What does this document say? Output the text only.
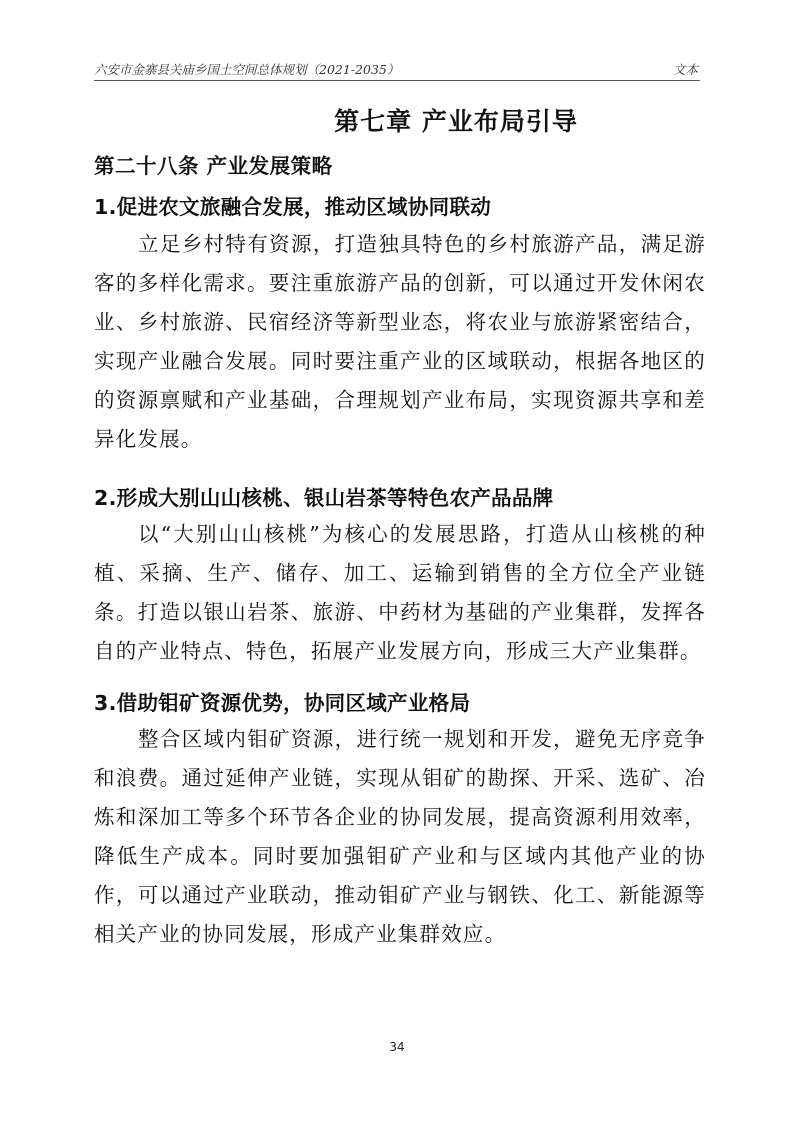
六安市金寨县关庙乡国土空间总体规划（2021-2035）	文本
第七章 产业布局引导
第二十八条 产业发展策略
1.促进农文旅融合发展，推动区域协同联动
立足乡村特有资源，打造独具特色的乡村旅游产品，满足游客的多样化需求。要注重旅游产品的创新，可以通过开发休闲农业、乡村旅游、民宿经济等新型业态，将农业与旅游紧密结合，实现产业融合发展。同时要注重产业的区域联动，根据各地区的的资源禀赋和产业基础，合理规划产业布局，实现资源共享和差异化发展。
2.形成大别山山核桃、银山岩茶等特色农产品品牌
以“大别山山核桃”为核心的发展思路，打造从山核桃的种植、采摘、生产、储存、加工、运输到销售的全方位全产业链条。打造以银山岩茶、旅游、中药材为基础的产业集群，发挥各自的产业特点、特色，拓展产业发展方向，形成三大产业集群。
3.借助钼矿资源优势，协同区域产业格局
整合区域内钼矿资源，进行统一规划和开发，避免无序竞争和浪费。通过延伸产业链，实现从钼矿的勘探、开采、选矿、冶炼和深加工等多个环节各企业的协同发展，提高资源利用效率，降低生产成本。同时要加强钼矿产业和与区域内其他产业的协作，可以通过产业联动，推动钼矿产业与钢铁、化工、新能源等相关产业的协同发展，形成产业集群效应。
34
